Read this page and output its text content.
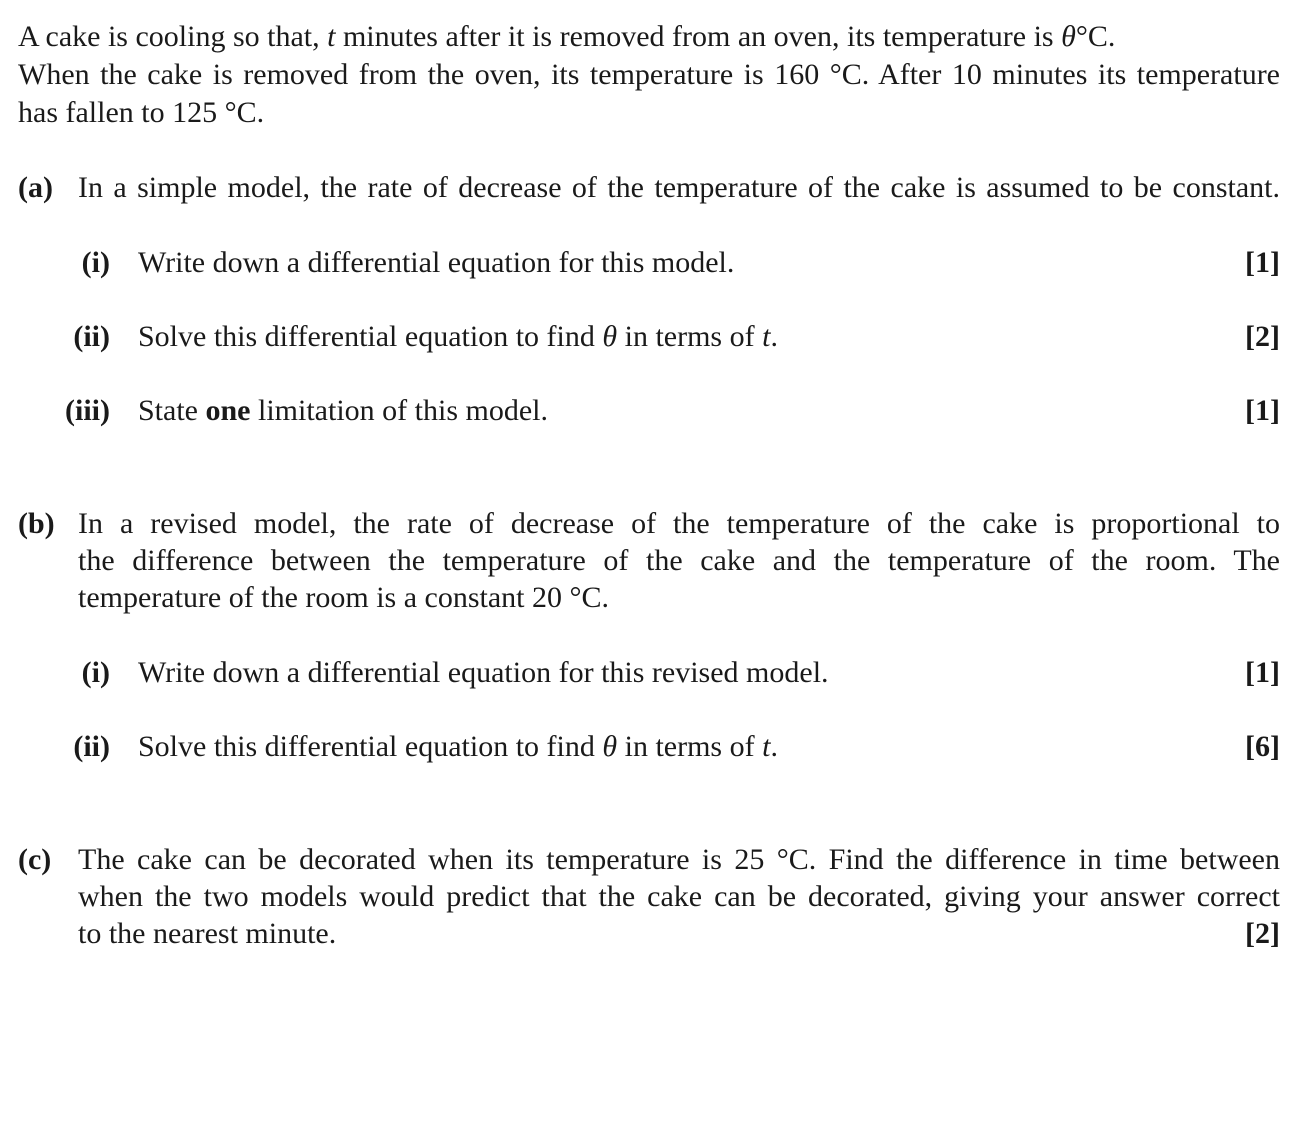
A cake is cooling so that, t minutes after it is removed from an oven, its temperature is θ°C.
When the cake is removed from the oven, its temperature is 160 °C. After 10 minutes its temperature
has fallen to 125 °C.
(a) In a simple model, the rate of decrease of the temperature of the cake is assumed to be constant.
(i) Write down a differential equation for this model.	[1]
(ii) Solve this differential equation to find θ in terms of t.	[2]
(iii) State one limitation of this model.	[1]
(b) In a revised model, the rate of decrease of the temperature of the cake is proportional to
the difference between the temperature of the cake and the temperature of the room. The
temperature of the room is a constant 20 °C.
(i) Write down a differential equation for this revised model.	[1]
(ii) Solve this differential equation to find θ in terms of t.	[6]
(c) The cake can be decorated when its temperature is 25 °C. Find the difference in time between
when the two models would predict that the cake can be decorated, giving your answer correct
to the nearest minute.	[2]
